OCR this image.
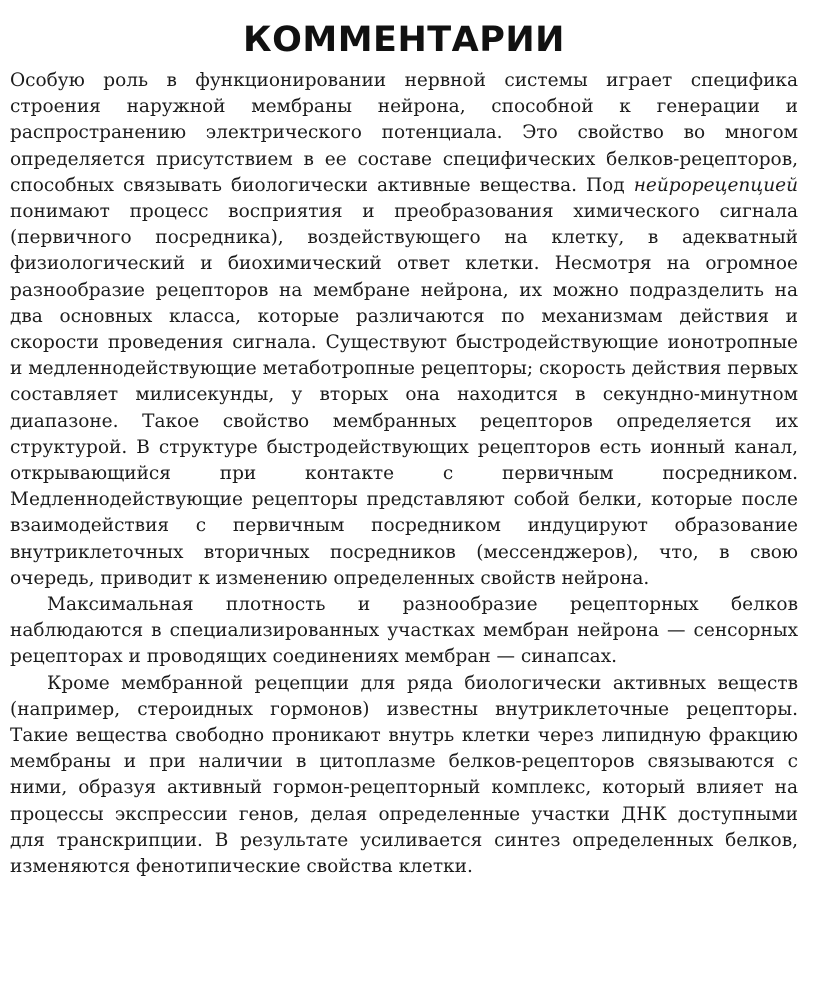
КОММЕНТАРИИ

Особую роль в функционировании нервной системы играет специфика строения наружной мембраны нейрона, способной к генерации и распространению электрического потенциала. Это свойство во многом определяется присутствием в ее составе специфических белков-рецепторов, способных связывать биологически активные вещества. Под нейрорецепцией понимают процесс восприятия и преобразования химического сигнала (первичного посредника), воздействующего на клетку, в адекватный физиологический и биохимический ответ клетки. Несмотря на огромное разнообразие рецепторов на мембране нейрона, их можно подразделить на два основных класса, которые различаются по механизмам действия и скорости проведения сигнала. Существуют быстродействующие ионотропные и медленнодействующие метаботропные рецепторы; скорость действия первых составляет милисекунды, у вторых она находится в секундно-минутном диапазоне. Такое свойство мембранных рецепторов определяется их структурой. В структуре быстродействующих рецепторов есть ионный канал, открывающийся при контакте с первичным посредником. Медленнодействующие рецепторы представляют собой белки, которые после взаимодействия с первичным посредником индуцируют образование внутриклеточных вторичных посредников (мессенджеров), что, в свою очередь, приводит к изменению определенных свойств нейрона.

Максимальная плотность и разнообразие рецепторных белков наблюдаются в специализированных участках мембран нейрона — сенсорных рецепторах и проводящих соединениях мембран — синапсах.

Кроме мембранной рецепции для ряда биологически активных веществ (например, стероидных гормонов) известны внутриклеточные рецепторы. Такие вещества свободно проникают внутрь клетки через липидную фракцию мембраны и при наличии в цитоплазме белков-рецепторов связываются с ними, образуя активный гормон-рецепторный комплекс, который влияет на процессы экспрессии генов, делая определенные участки ДНК доступными для транскрипции. В результате усиливается синтез определенных белков, изменяются фенотипические свойства клетки.
